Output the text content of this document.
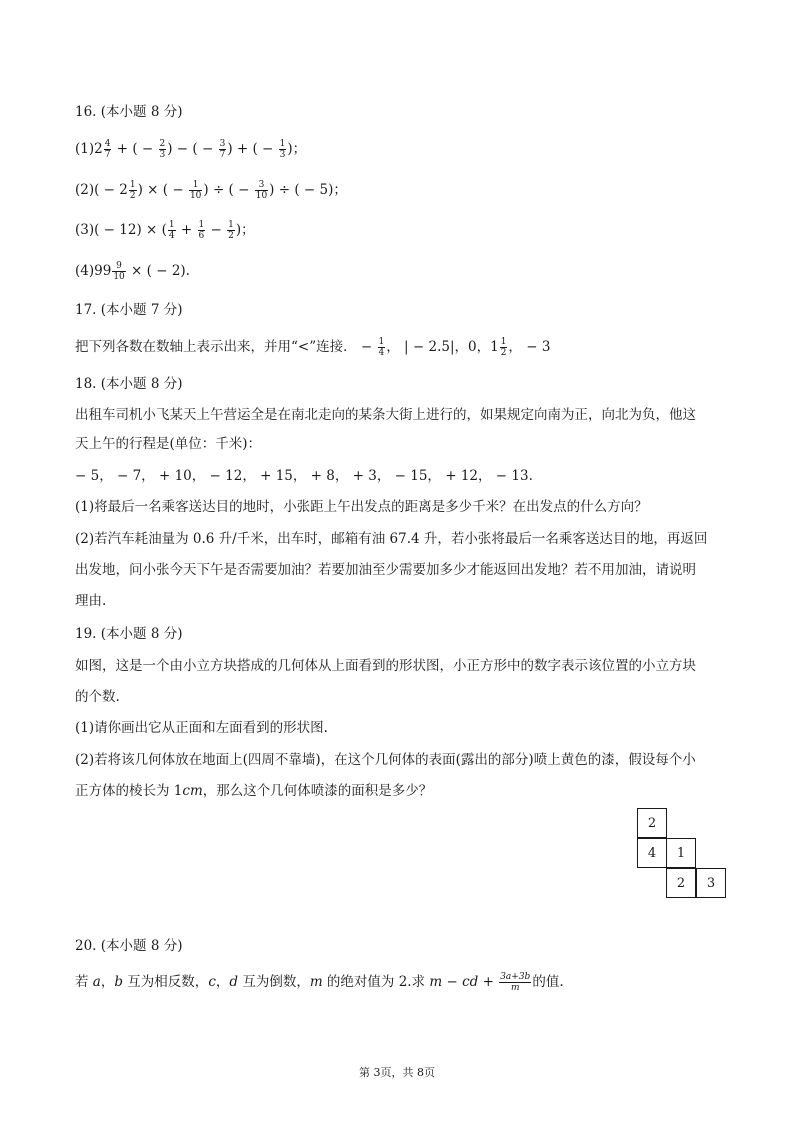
16. (本小题 8 分)
$(1)2 \frac{4}{7}$ + ( − $\frac{2}{3}$ ) − ( − $\frac{3}{7}$ ) + ( − $\frac{1}{3}$ )；
$(2)( - 2 \frac{1}{2}$ ) × ( − $\frac{1}{10}$ ) ÷ ( − $\frac{3}{10}$ ) ÷ ( − 5)；
(3)( − 12) × ( $\frac{1}{4} + \frac{1}{6} - \frac{1}{2}$ )；
$(4)99 \frac{9}{10}$ × ( − 2).
17. (本小题 7 分)
把下列各数在数轴上表示出来，并用“<”连接． − $\frac{1}{4}$ ， | − 2.5|，0，$1 \frac{1}{2}$ ， − 3
18. (本小题 8 分)
出租车司机小飞某天上午营运全是在南北走向的某条大街上进行的，如果规定向南为正，向北为负，他这
天上午的行程是(单位：千米)：
− 5， − 7， + 10， − 12， + 15， + 8， + 3， − 15， + 12， − 13.
(1)将最后一名乘客送达目的地时，小张距上午出发点的距离是多少千米？在出发点的什么方向？
(2)若汽车耗油量为 0.6 升/千米，出车时，邮箱有油 67.4 升，若小张将最后一名乘客送达目的地，再返回
出发地，问小张今天下午是否需要加油？若要加油至少需要加多少才能返回出发地？若不用加油，请说明
理由.
19. (本小题 8 分)
如图，这是一个由小立方块搭成的几何体从上面看到的形状图，小正方形中的数字表示该位置的小立方块
的个数.
(1)请你画出它从正面和左面看到的形状图.
(2)若将该几何体放在地面上(四周不靠墙)，在这个几何体的表面(露出的部分)喷上黄色的漆，假设每个小
正方体的棱长为 1cm，那么这个几何体喷漆的面积是多少？
2
4	1
2	3
20. (本小题 8 分)
若 a，b 互为相反数，c，d 互为倒数，m 的绝对值为 2.求 m − cd + $\frac{3a+3b}{m}$ 的值.
第 3页，共 8页
